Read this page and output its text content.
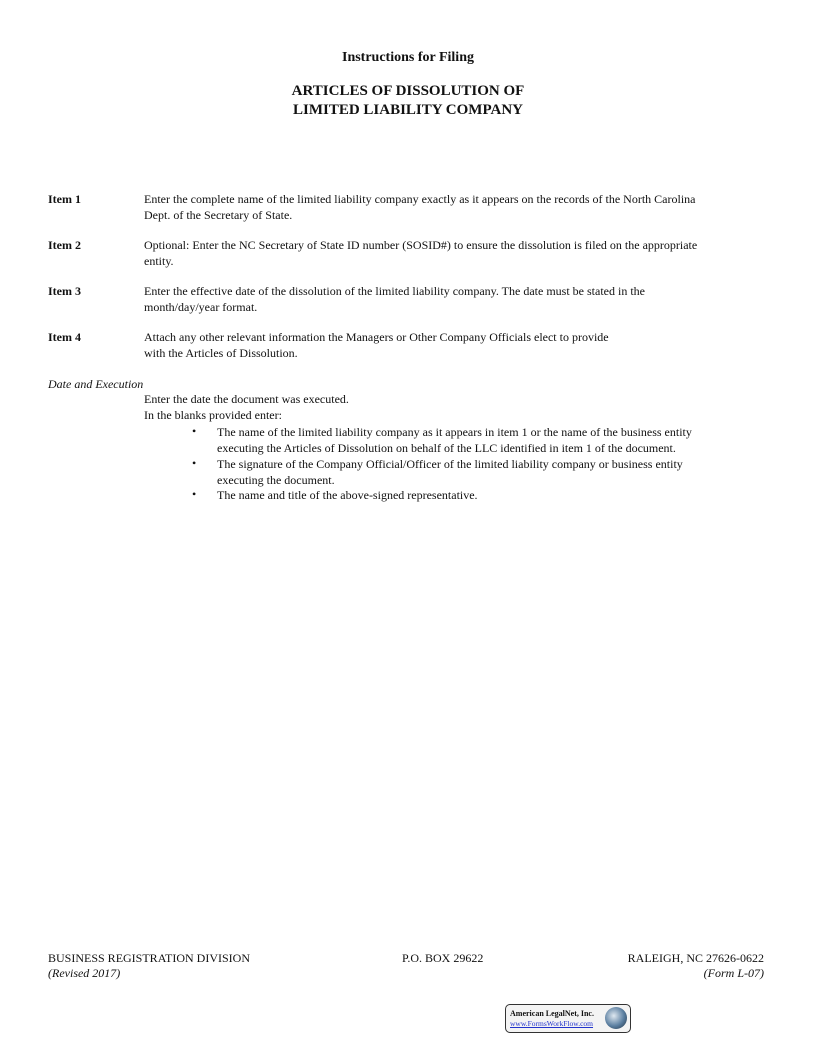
Instructions for Filing
ARTICLES OF DISSOLUTION OF
LIMITED LIABILITY COMPANY
Item 1	Enter the complete name of the limited liability company exactly as it appears on the records of the North Carolina
Dept. of the Secretary of State.
Item 2	Optional: Enter the NC Secretary of State ID number (SOSID#) to ensure the dissolution is filed on the appropriate
entity.
Item 3	Enter the effective date of the dissolution of the limited liability company. The date must be stated in the
month/day/year format.
Item 4	Attach any other relevant information the Managers or Other Company Officials elect to provide
with the Articles of Dissolution.
Date and Execution
Enter the date the document was executed.
In the blanks provided enter:
• The name of the limited liability company as it appears in item 1 or the name of the business entity
executing the Articles of Dissolution on behalf of the LLC identified in item 1 of the document.
• The signature of the Company Official/Officer of the limited liability company or business entity
executing the document.
• The name and title of the above-signed representative.
BUSINESS REGISTRATION DIVISION
(Revised 2017)
P.O. BOX 29622	RALEIGH, NC 27626-0622
(Form L-07)
American LegalNet, Inc.
www.FormsWorkFlow.com
